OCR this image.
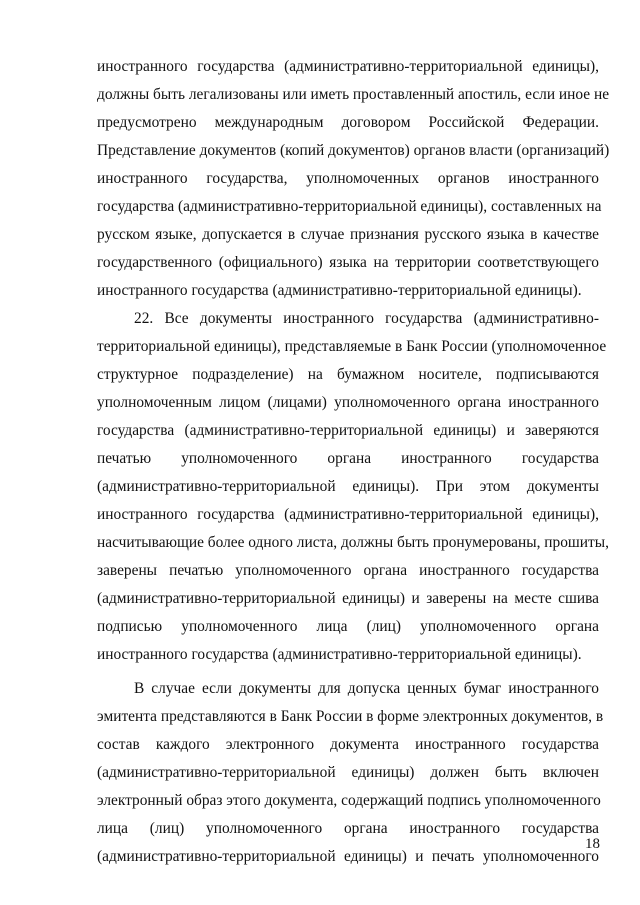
иностранного государства (административно-территориальной единицы),
должны быть легализованы или иметь проставленный апостиль, если иное не
предусмотрено международным договором Российской Федерации.
Представление документов (копий документов) органов власти (организаций)
иностранного государства, уполномоченных органов иностранного
государства (административно-территориальной единицы), составленных на
русском языке, допускается в случае признания русского языка в качестве
государственного (официального) языка на территории соответствующего
иностранного государства (административно-территориальной единицы).
22. Все документы иностранного государства (административно-
территориальной единицы), представляемые в Банк России (уполномоченное
структурное подразделение) на бумажном носителе, подписываются
уполномоченным лицом (лицами) уполномоченного органа иностранного
государства (административно-территориальной единицы) и заверяются
печатью уполномоченного органа иностранного государства
(административно-территориальной единицы). При этом документы
иностранного государства (административно-территориальной единицы),
насчитывающие более одного листа, должны быть пронумерованы, прошиты,
заверены печатью уполномоченного органа иностранного государства
(административно-территориальной единицы) и заверены на месте сшива
подписью уполномоченного лица (лиц) уполномоченного органа
иностранного государства (административно-территориальной единицы).
В случае если документы для допуска ценных бумаг иностранного
эмитента представляются в Банк России в форме электронных документов, в
состав каждого электронного документа иностранного государства
(административно-территориальной единицы) должен быть включен
электронный образ этого документа, содержащий подпись уполномоченного
лица (лиц) уполномоченного органа иностранного государства
(административно-территориальной единицы) и печать уполномоченного
18
